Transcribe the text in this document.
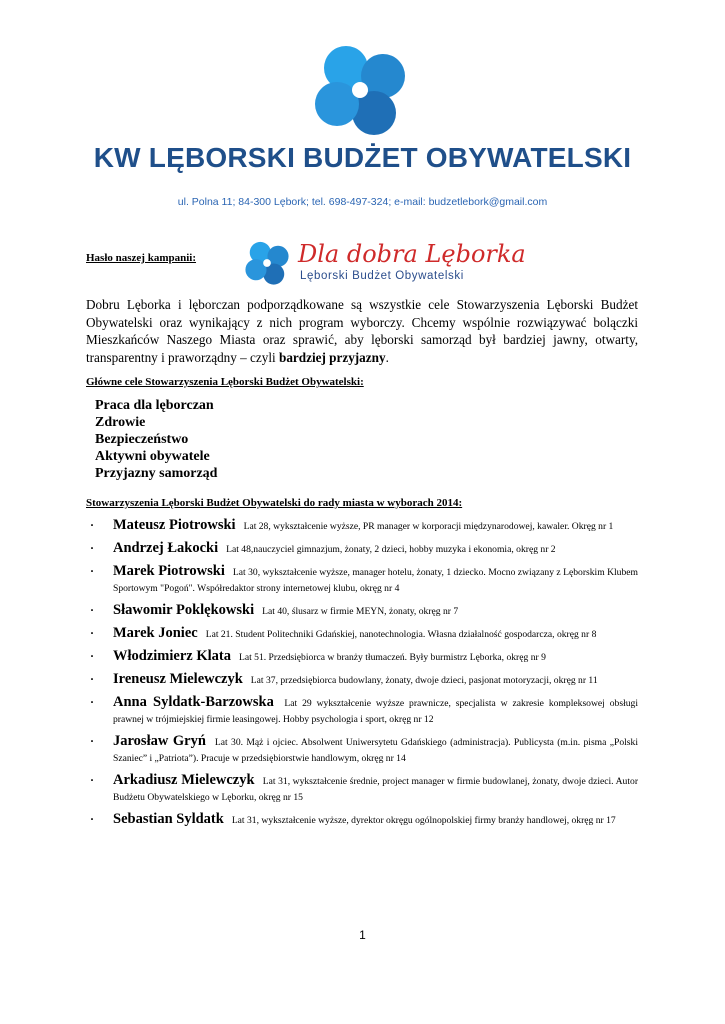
KW LĘBORSKI BUDŻET OBYWATELSKI
ul. Polna 11; 84-300 Lębork; tel. 698-497-324; e-mail: budzetlebork@gmail.com
Hasło naszej kampanii:	Dla dobra Lęborka
Lęborski Budżet Obywatelski
Dobru Lęborka i lęborczan podporządkowane są wszystkie cele Stowarzyszenia Lęborski Budżet Obywatelski oraz wynikający z nich program wyborczy. Chcemy wspólnie rozwiązywać bolączki Mieszkańców Naszego Miasta oraz sprawić, aby lęborski samorząd był bardziej jawny, otwarty, transparentny i praworządny – czyli bardziej przyjazny.
Główne cele Stowarzyszenia Lęborski Budżet Obywatelski:
Praca dla lęborczan
Zdrowie
Bezpieczeństwo
Aktywni obywatele
Przyjazny samorząd
Stowarzyszenia Lęborski Budżet Obywatelski do rady miasta w wyborach 2014:
· Mateusz Piotrowski Lat 28, wykształcenie wyższe, PR manager w korporacji międzynarodowej, kawaler. Okręg nr 1
· Andrzej Łakocki Lat 48,nauczyciel gimnazjum, żonaty, 2 dzieci, hobby muzyka i ekonomia, okręg nr 2
· Marek Piotrowski Lat 30, wykształcenie wyższe, manager hotelu, żonaty, 1 dziecko. Mocno związany z Lęborskim Klubem Sportowym "Pogoń". Współredaktor strony internetowej klubu, okręg nr 4
· Sławomir Poklękowski Lat 40, ślusarz w firmie MEYN, żonaty, okręg nr 7
· Marek Joniec Lat 21. Student Politechniki Gdańskiej, nanotechnologia. Własna działalność gospodarcza, okręg nr 8
· Włodzimierz Klata Lat 51. Przedsiębiorca w branży tłumaczeń. Były burmistrz Lęborka, okręg nr 9
· Ireneusz Mielewczyk Lat 37, przedsiębiorca budowlany, żonaty, dwoje dzieci, pasjonat motoryzacji, okręg nr 11
· Anna Syldatk-Barzowska Lat 29 wykształcenie wyższe prawnicze, specjalista w zakresie kompleksowej obsługi prawnej w trójmiejskiej firmie leasingowej. Hobby psychologia i sport, okręg nr 12
· Jarosław Gryń Lat 30. Mąż i ojciec. Absolwent Uniwersytetu Gdańskiego (administracja). Publicysta (m.in. pisma „Polski Szaniec” i „Patriota”). Pracuje w przedsiębiorstwie handlowym, okręg nr 14
· Arkadiusz Mielewczyk Lat 31, wykształcenie średnie, project manager w firmie budowlanej, żonaty, dwoje dzieci. Autor Budżetu Obywatelskiego w Lęborku, okręg nr 15
· Sebastian Syldatk Lat 31, wykształcenie wyższe, dyrektor okręgu ogólnopolskiej firmy branży handlowej, okręg nr 17
1
